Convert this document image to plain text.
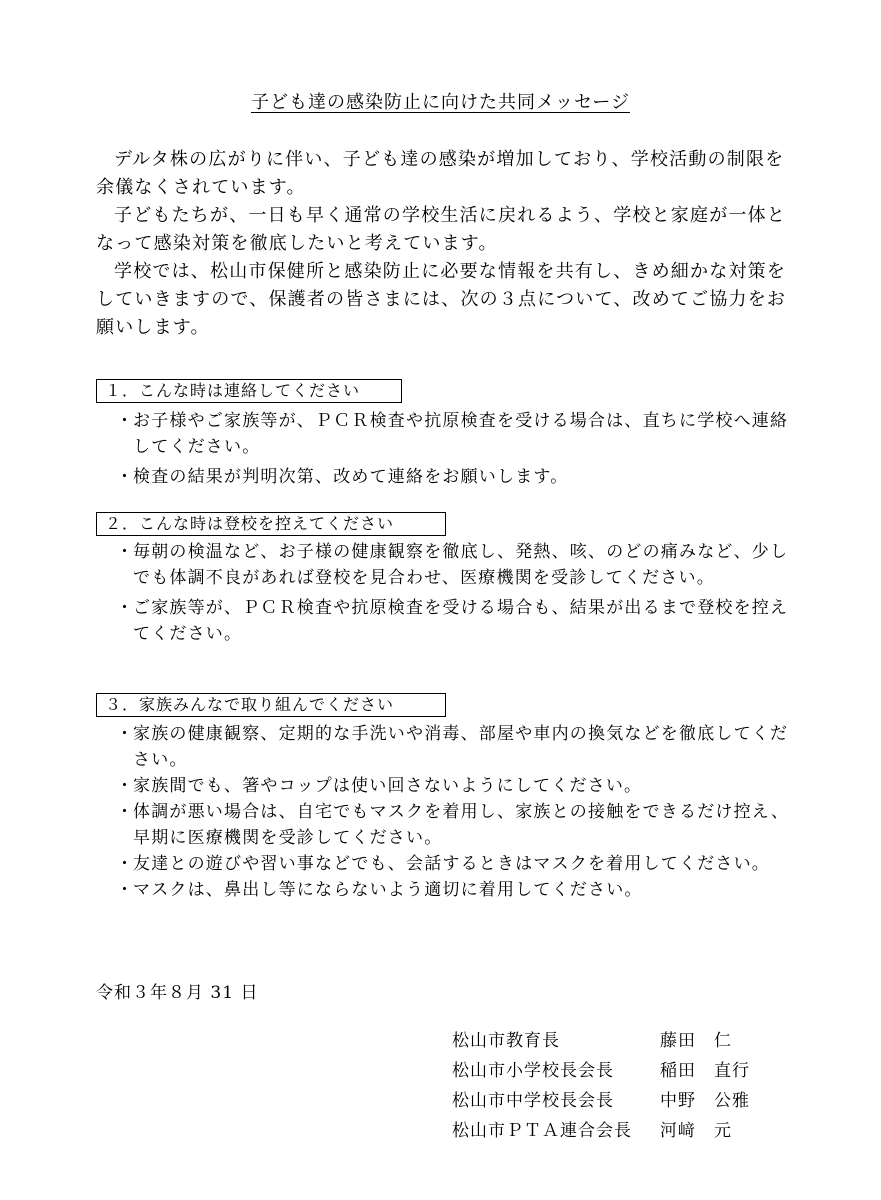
子ども達の感染防止に向けた共同メッセージ

デルタ株の広がりに伴い、子ども達の感染が増加しており、学校活動の制限を余儀なくされています。

子どもたちが、一日も早く通常の学校生活に戻れるよう、学校と家庭が一体となって感染対策を徹底したいと考えています。

学校では、松山市保健所と感染防止に必要な情報を共有し、きめ細かな対策をしていきますので、保護者の皆さまには、次の３点について、改めてご協力をお願いします。

１．こんな時は連絡してください
・お子様やご家族等が、ＰＣＲ検査や抗原検査を受ける場合は、直ちに学校へ連絡してください。
・検査の結果が判明次第、改めて連絡をお願いします。
２．こんな時は登校を控えてください
・毎朝の検温など、お子様の健康観察を徹底し、発熱、咳、のどの痛みなど、少しでも体調不良があれば登校を見合わせ、医療機関を受診してください。
・ご家族等が、ＰＣＲ検査や抗原検査を受ける場合も、結果が出るまで登校を控えてください。
３．家族みんなで取り組んでください
・家族の健康観察、定期的な手洗いや消毒、部屋や車内の換気などを徹底してください。
・家族間でも、箸やコップは使い回さないようにしてください。
・体調が悪い場合は、自宅でもマスクを着用し、家族との接触をできるだけ控え、早期に医療機関を受診してください。
・友達との遊びや習い事などでも、会話するときはマスクを着用してください。
・マスクは、鼻出し等にならないよう適切に着用してください。
令和３年８月 31 日
松山市教育長	藤田　仁
松山市小学校長会長	稲田　直行
松山市中学校長会長	中野　公雅
松山市ＰＴＡ連合会長 河﨑　元
